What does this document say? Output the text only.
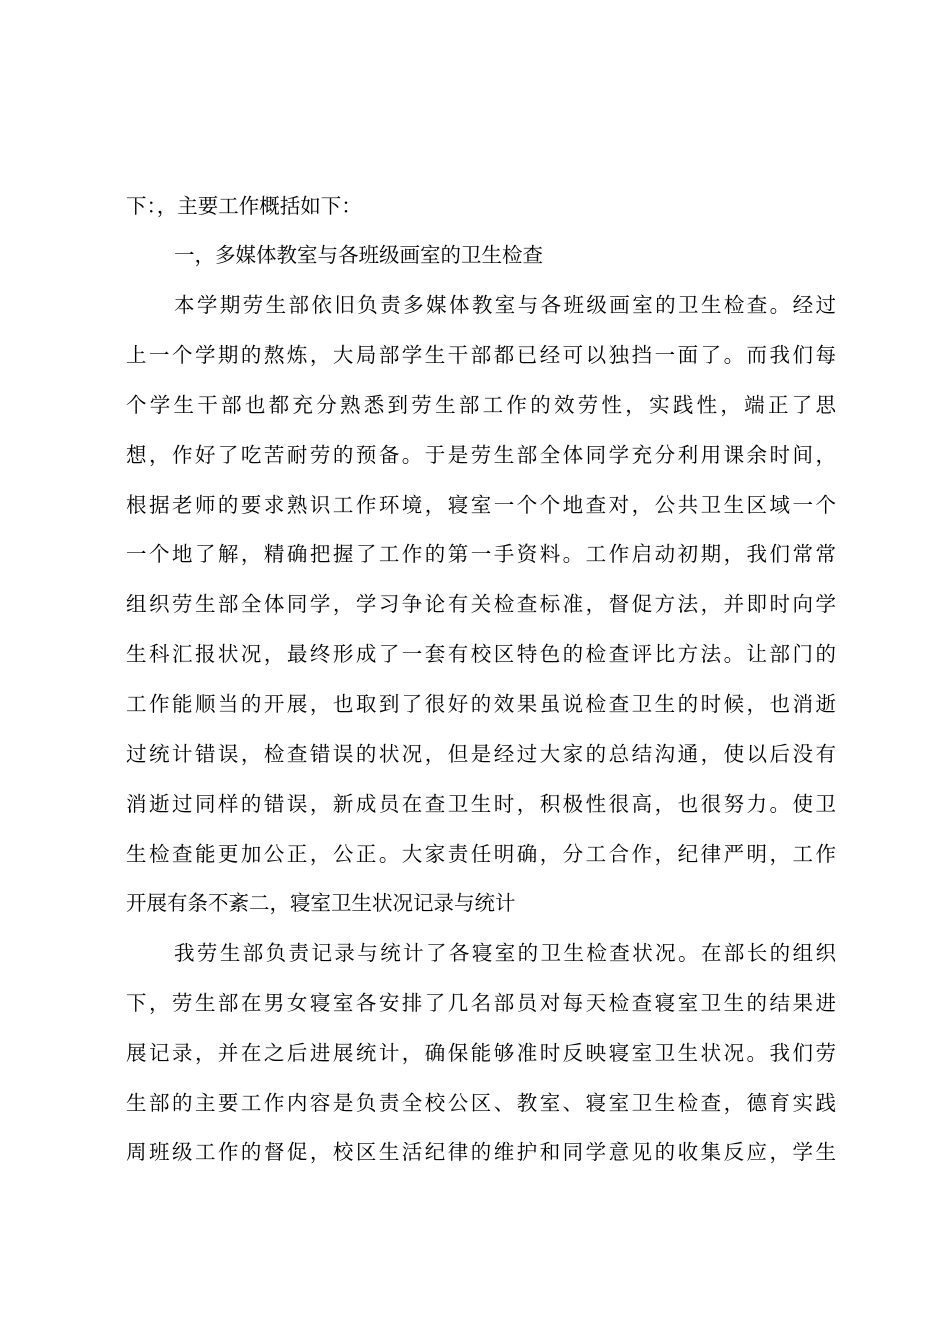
下：，主要工作概括如下：

一，多媒体教室与各班级画室的卫生检查

本学期劳生部依旧负责多媒体教室与各班级画室的卫生检查。经过

上一个学期的熬炼，大局部学生干部都已经可以独挡一面了。而我们每

个学生干部也都充分熟悉到劳生部工作的效劳性，实践性，端正了思

想，作好了吃苦耐劳的预备。于是劳生部全体同学充分利用课余时间，

根据老师的要求熟识工作环境，寝室一个个地查对，公共卫生区域一个

一个地了解，精确把握了工作的第一手资料。工作启动初期，我们常常

组织劳生部全体同学，学习争论有关检查标准，督促方法，并即时向学

生科汇报状况，最终形成了一套有校区特色的检查评比方法。让部门的

工作能顺当的开展，也取到了很好的效果虽说检查卫生的时候，也消逝

过统计错误，检查错误的状况，但是经过大家的总结沟通，使以后没有

消逝过同样的错误，新成员在查卫生时，积极性很高，也很努力。使卫

生检查能更加公正，公正。大家责任明确，分工合作，纪律严明，工作

开展有条不紊二，寝室卫生状况记录与统计

我劳生部负责记录与统计了各寝室的卫生检查状况。在部长的组织

下，劳生部在男女寝室各安排了几名部员对每天检查寝室卫生的结果进

展记录，并在之后进展统计，确保能够准时反映寝室卫生状况。我们劳

生部的主要工作内容是负责全校公区、教室、寝室卫生检查，德育实践

周班级工作的督促，校区生活纪律的维护和同学意见的收集反应，学生
